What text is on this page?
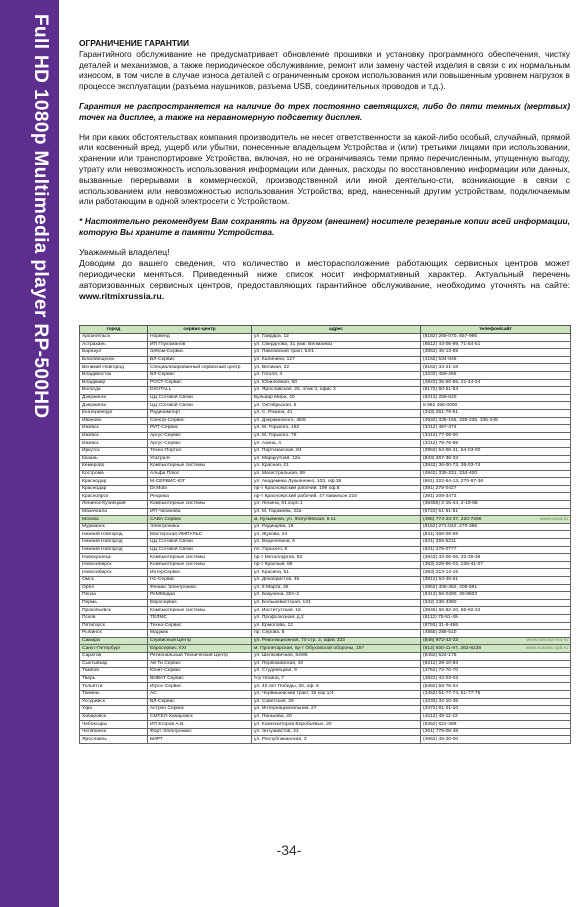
Full HD 1080p Multimedia player RP-500HD	ОГРАНИЧЕНИЕ ГАРАНТИИ

Гарантийного обслуживание не предусматривает обновление прошивки и установку программного обеспечения, чистку деталей и механизмов, а также периодическое обслуживание, ремонт или замену частей изделия в связи с их нормальным износом, в том числе в случае износа деталей с ограниченным сроком использования или повышенным уровнем нагрузок в процессе эксплуатации (разъема наушников, разъема USB, соединительных проводов и т.д.).

Гарантия не распространяется на наличие до трех постоянно светящихся, либо до пяти темных (мертвых) точек на дисплее, а также на неравномерную подсветку дисплея.

Ни при каких обстоятельствах компания производитель не несет ответственности за какой-либо особый, случайный, прямой или косвенный вред, ущерб или убытки, понесенные владельцем Устройства и (или) третьими лицами при использовании, хранении или транспортировке Устройства, включая, но не ограничиваясь теми прямо перечисленным, упущенную выгоду, утрату или невозможность использования информации или данных, расходы по восстановлению информации или данных, вызванные перерывами в коммерческой, производственной или иной деятельно-сти, возникающие в связи с использованием или невозможностью использования Устройства; вред, нанесенный другим устройствам, подключаемым или работающим в одной электросети с Устройством.

* Настоятельно рекомендуем Вам сохранять на другом (внешнем) носителе резервные копии всей информации, которую Вы храните в памяти Устройства.

Уважаемый владелец!

Доводим до вашего сведения, что количество и месторасположение работающих сервисных центров может периодически меняться. Приведенный ниже список носит информативный характер. Актуальный перечень авторизованных сервисных центров, предоставляющих гарантийное обслуживание, необходимо уточнять на сайте: www.ritmixrussia.ru.

город	сервис-центр	адрес	телефон/сайт
Архангельск	Норвенд	ул. Гайдара, 12	(8182) 269-070, 657-995
Астрахань	ИП Глухоманов	ул. Свердлова, 31 (маг. Велмаика)	(8512) 44-06-99, 71-54-51
Барнаул	ЭлКом-Сервис	ул. Павловский тракт, 54/1	(3852) 46-13-69
Благовещенск	ВЛ-Сервис	ул. Калинина, 127	(4162) 534-846
Великий Новгород	Специализированный сервисный центр	ул. Великая, 22	(8162) 33-21-18
Владивосток	ВЛ-Сервис	ул. Гоголя, 4	(4232) 459-465
Владимир	РОСТ-Сервис	ул. Юбилейная, 60	(4922) 35-50-55, 21-44-24
Вологда	DIGITALL	ул. Ярославская, 25, этаж 3, офис 3	(8172) 50-51-53
Дзержинск	ЦЦ Сотовой Связи	Бульвар Мира, 40	(8313) 256-620
Дзержинск	ЦЦ Сотовой Связи	ул. Октябрьская, 5	8 952 456-0000
Екатеринбург	Радиоимпорт	ул. С. Разина, 41	(343) 251-79-61
Иваново	Спектр-Сервис	ул. Дзержинского, 45/6	(4932) 335-165, 335-236, 335-249
Ижевск	РИТ-Сервис	ул. М. Горького, 162	(3412) 457-474
Ижевск	Аргус-Сервис	ул. М. Горького, 78	(3412) 77-08-00
Ижевск	Аргус-Сервис	ул. Азина, 4	(3412) 78-76-65
Иркутск	Техно-Портал	ул. Партизанская, 84	(3952) 54-06-41, 54-03-00
Казань	Ультра-К	ул. Марцкутная, 12а	(843) 267-36-33
Кемерово	Компьютерные системы	ул. Красная, 21	(3842) 36-00-73, 36-03-74
Кострома	Альфа Плюс	ул. Магистральная, 59	(4942) 335-331, 334-400
Краснодар	М-СЕРВИС-ЮГ	ул. Академика Лукьяненко, 103, оф.35	(861) 222-64-13, 270-97-36
Краснодар	Dr.Mobi	пр-т Красноярский рабочий, 199 оф.8	(391) 278-0427
Красноярск	Реорика	пр-т Красноярский рабочий, 47 павильон 216	(391) 209-3473
Ленинск-Кузнецкий	Компьютерные системы	ул. Ленина, 61 корп.1	(38456) 2-15-44, 2-19-86
Махачкала	ИП Чапанова	ул. М. Гаджиева, 22а	(8722) 51-51-51
Москва	САВА Сервис	м. Кузьминки, ул. Жигулёвская, 6 к1	(495) 774-23-37, 220-7296 www.sava.ru

Мурманск	Электроника	ул. Радищева, 19	(8152) 271-042, 270-386
Нижний Новгород	Мастерская ИМПУЛЬС	ул. Жукова, 24	(831) 466-09-69
Нижний Новгород	ЦЦ Сотовой Связи	ул. Веденяпина, 6	(831) 255-5211
Нижний Новгород	ЦЦ Сотовой Связи	пл. Горького, 6	(831) 278-0777
Новокузнецк	Компьютерные системы	пр-т Металлургов, 53	(3843) 33-06-06, 33-39-39
Новосибирск	Компьютерные системы	пр-т Красный, 88	(383) 228-56-02, 236-41-07
Новосибирск	ИнтерСервис	ул. Красина, 51	(383) 213-14-15
Омск	Н1-Сервис	ул. Декабристов, 45	(3812) 53-45-61
Орёл	Феникс Электроникс	ул. 8 Марта, 25	(4862) 408-482, 408-681
Пенза	РеММедиа	ул. Бакунина, 30А-2	(8412) 56-0490, 39-8503
Пермь	Евросервис	ул. Большевистская, 134	(342) 238-3380
Прокопьевск	Компьютерные системы	ул. Институтская, 18	(3846) 66-82-20, 66-92-22
Псков	ТЕЛМС	ул. Профсоюзная, д.2	(8112) 75-51-49
Пятигорск	Техно-Сервис	ул. Ермолова, 12	(8793) 31-8-486
Рыбинск	Маджик	пр. Серова, 8	(4855) 286-510
Самара	Сервисный Центр	ул. Революционная, 70 стр. 3, офис 323	(846) 972-42-23 www.service-mo.ru

Санкт-Петербург	Евросервис XXI	м. Пролетарская, пр-т Обуховской обороны, 197	(812) 600-11-97, 362-8238 www.eurasic.spb.ru

Саратов	Региональный Технический Центр	ул. Шелковичная, 84/86	(8452) 524-175
Сыктывкар	Ай Ти Сервис	ул. Первомайская, 40	(8212) 29-10-83
Тамбов	Юнит-Сервис	ул. Студенецкая, 9	(4752) 72-70-70
Тверь	ВИВАТ Сервис	б-р Ногина, 7	(4822) 42-03-03
Тольятти	Игрос-Сервис	ул. 40 лет Победы, 30, оф. 5	(8482) 59-76-44
Тюмень	АС	ул. Червишевский тракт, 15 кор.1/4	(3452) 51-77-74, 51-77-75
Уссурийск	ВЛ-Сервис	ул. Советская, 29	(4234) 32-10-35
Уфа	Астрон Сервис	ул. Интернациональная, 27	(3472) 91-21-10
Хабаровск	СМТЕЛ-Хабаровск	ул. Панькова, 20	(4212) 45-11-22
Чебоксары	ИП Егоров А.В.	ул. Композиторов Воробьёвых, 20	(8352) 621-488
Челябинск	Форт-Электроникс	ул. Энтузиастов, 21	(351) 778-06-48
Ярославль	БИРТ	ул. Республиканская, 3	(4852) 45-20-00
-34-
